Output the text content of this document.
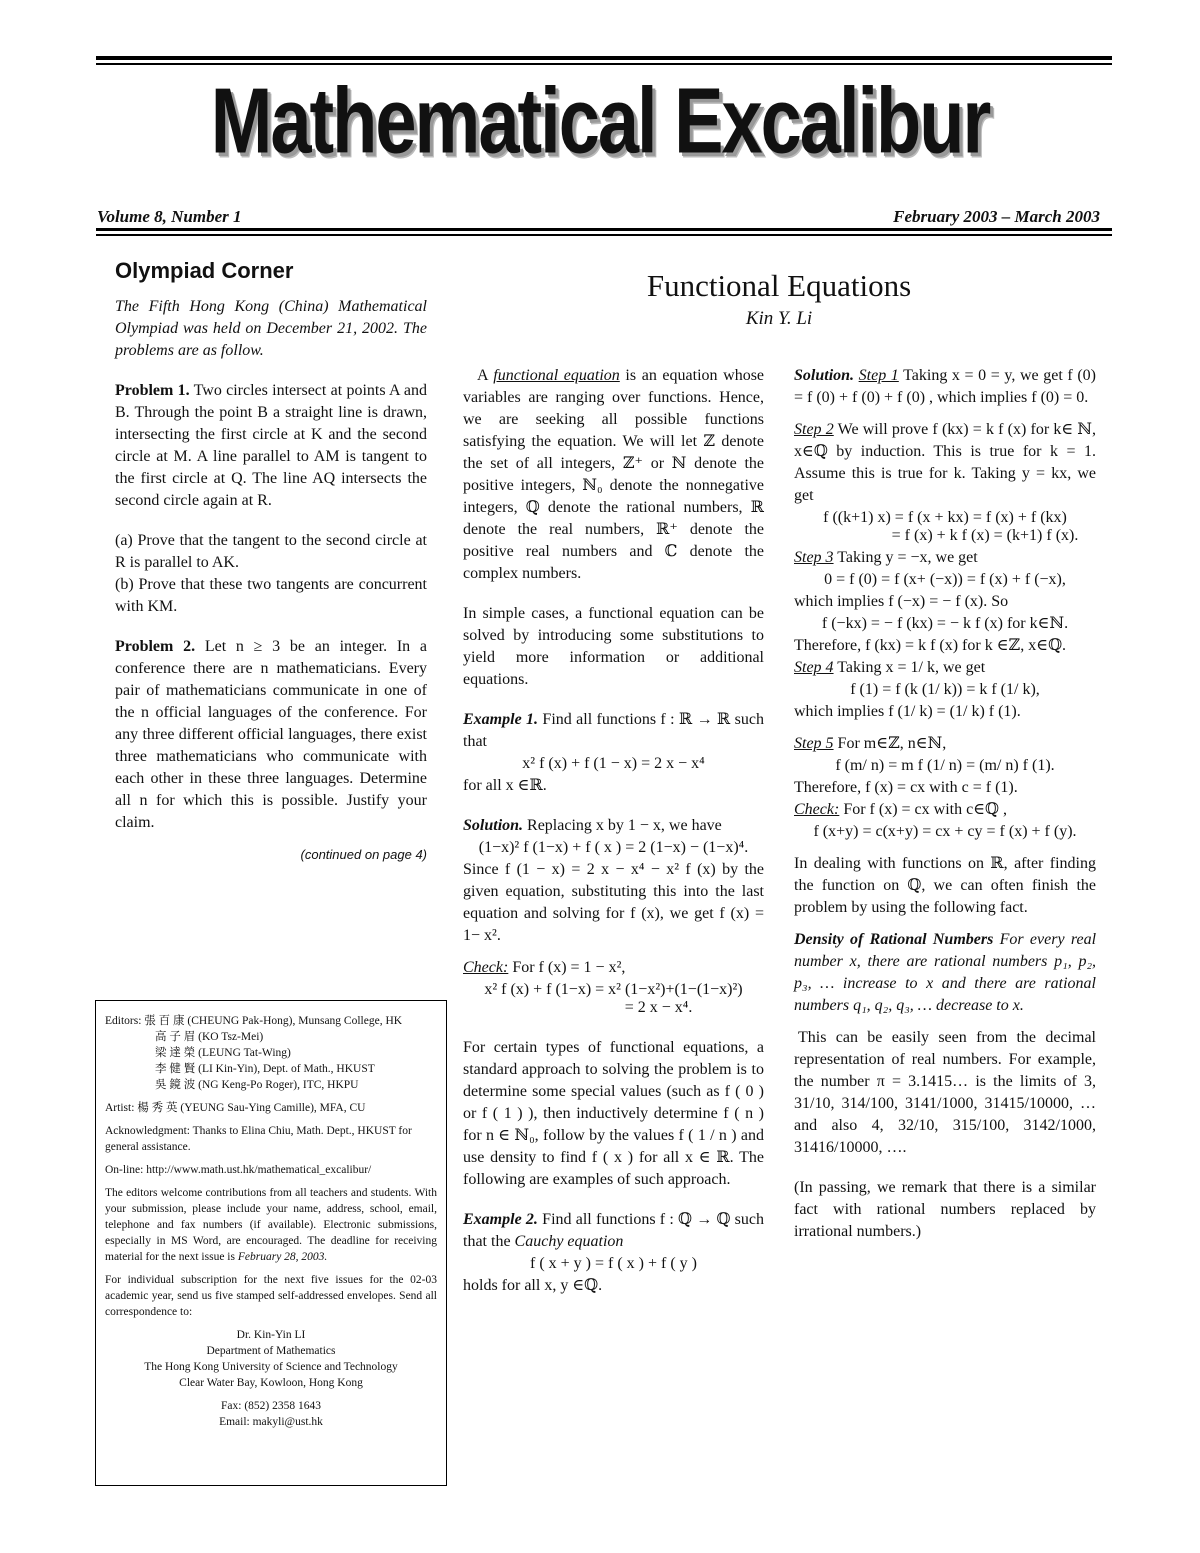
Mathematical Excalibur
Volume 8, Number 1	February 2003 – March 2003
Olympiad Corner

The Fifth Hong Kong (China) Mathematical Olympiad was held on December 21, 2002. The problems are as follow.

Problem 1. Two circles intersect at points A and B. Through the point B a straight line is drawn, intersecting the first circle at K and the second circle at M. A line parallel to AM is tangent to the first circle at Q. The line AQ intersects the second circle again at R.

(a) Prove that the tangent to the second circle at R is parallel to AK.

(b) Prove that these two tangents are concurrent with KM.

Problem 2. Let n ≥ 3 be an integer. In a conference there are n mathematicians. Every pair of mathematicians communicate in one of the n official languages of the conference. For any three different official languages, there exist three mathematicians who communicate with each other in these three languages. Determine all n for which this is possible. Justify your claim.

(continued on page 4)

Editors: 張 百 康 (CHEUNG Pak-Hong), Munsang College, HK

高 子 眉 (KO Tsz-Mei)

梁 達 榮 (LEUNG Tat-Wing)

李 健 賢 (LI Kin-Yin), Dept. of Math., HKUST

吳 鏡 波 (NG Keng-Po Roger), ITC, HKPU

Artist: 楊 秀 英 (YEUNG Sau-Ying Camille), MFA, CU

Acknowledgment: Thanks to Elina Chiu, Math. Dept., HKUST for general assistance.

On-line: http://www.math.ust.hk/mathematical_excalibur/

The editors welcome contributions from all teachers and students. With your submission, please include your name, address, school, email, telephone and fax numbers (if available). Electronic submissions, especially in MS Word, are encouraged. The deadline for receiving material for the next issue is February 28, 2003.

For individual subscription for the next five issues for the 02-03 academic year, send us five stamped self-addressed envelopes. Send all correspondence to:

Dr. Kin-Yin LI

Department of Mathematics

The Hong Kong University of Science and Technology

Clear Water Bay, Kowloon, Hong Kong

Fax: (852) 2358 1643

Email: makyli@ust.hk

Functional Equations
Kin Y. Li

A functional equation is an equation whose variables are ranging over functions. Hence, we are seeking all possible functions satisfying the equation. We will let ℤ denote the set of all integers, ℤ⁺ or ℕ denote the positive integers, ℕ₀ denote the nonnegative integers, ℚ denote the rational numbers, ℝ denote the real numbers, ℝ⁺ denote the positive real numbers and ℂ denote the complex numbers.

In simple cases, a functional equation can be solved by introducing some substitutions to yield more information or additional equations.

Example 1. Find all functions f : ℝ → ℝ such that

x² f (x) + f (1 − x) = 2 x − x⁴

for all x ∈ℝ.

Solution. Replacing x by 1 − x, we have

(1−x)² f (1−x) + f ( x ) = 2 (1−x) − (1−x)⁴.

Since f (1 − x) = 2 x − x⁴ − x² f (x) by the given equation, substituting this into the last equation and solving for f (x), we get f (x) = 1− x².

Check: For f (x) = 1 − x²,

x² f (x) + f (1−x) = x² (1−x²)+(1−(1−x)²)

= 2 x − x⁴.

For certain types of functional equations, a standard approach to solving the problem is to determine some special values (such as f ( 0 ) or f ( 1 ) ), then inductively determine f ( n ) for n ∈ ℕ₀, follow by the values f ( 1 / n ) and use density to find f ( x ) for all x ∈ ℝ. The following are examples of such approach.

Example 2. Find all functions f : ℚ → ℚ such that the Cauchy equation

f ( x + y ) = f ( x ) + f ( y )

holds for all x, y ∈ℚ.

Solution. Step 1 Taking x = 0 = y, we get f (0) = f (0) + f (0) + f (0) , which implies f (0) = 0.

Step 2 We will prove f (kx) = k f (x) for k∈ ℕ, x∈ℚ by induction. This is true for k = 1. Assume this is true for k. Taking y = kx, we get

f ((k+1) x) = f (x + kx) = f (x) + f (kx)

= f (x) + k f (x) = (k+1) f (x).

Step 3 Taking y = −x, we get

0 = f (0) = f (x+ (−x)) = f (x) + f (−x),

which implies f (−x) = − f (x). So

f (−kx) = − f (kx) = − k f (x) for k∈ℕ.

Therefore, f (kx) = k f (x) for k ∈ℤ, x∈ℚ.

Step 4 Taking x = 1/ k, we get

f (1) = f (k (1/ k)) = k f (1/ k),

which implies f (1/ k) = (1/ k) f (1).

Step 5 For m∈ℤ, n∈ℕ,

f (m/ n) = m f (1/ n) = (m/ n) f (1).

Therefore, f (x) = cx with c = f (1).

Check: For f (x) = cx with c∈ℚ ,

f (x+y) = c(x+y) = cx + cy = f (x) + f (y).

In dealing with functions on ℝ, after finding the function on ℚ, we can often finish the problem by using the following fact.

Density of Rational Numbers For every real number x, there are rational numbers p₁, p₂, p₃, … increase to x and there are rational numbers q₁, q₂, q₃, … decrease to x.

This can be easily seen from the decimal representation of real numbers. For example, the number π = 3.1415… is the limits of 3, 31/10, 314/100, 3141/1000, 31415/10000, … and also 4, 32/10, 315/100, 3142/1000, 31416/10000, ….

(In passing, we remark that there is a similar fact with rational numbers replaced by irrational numbers.)
